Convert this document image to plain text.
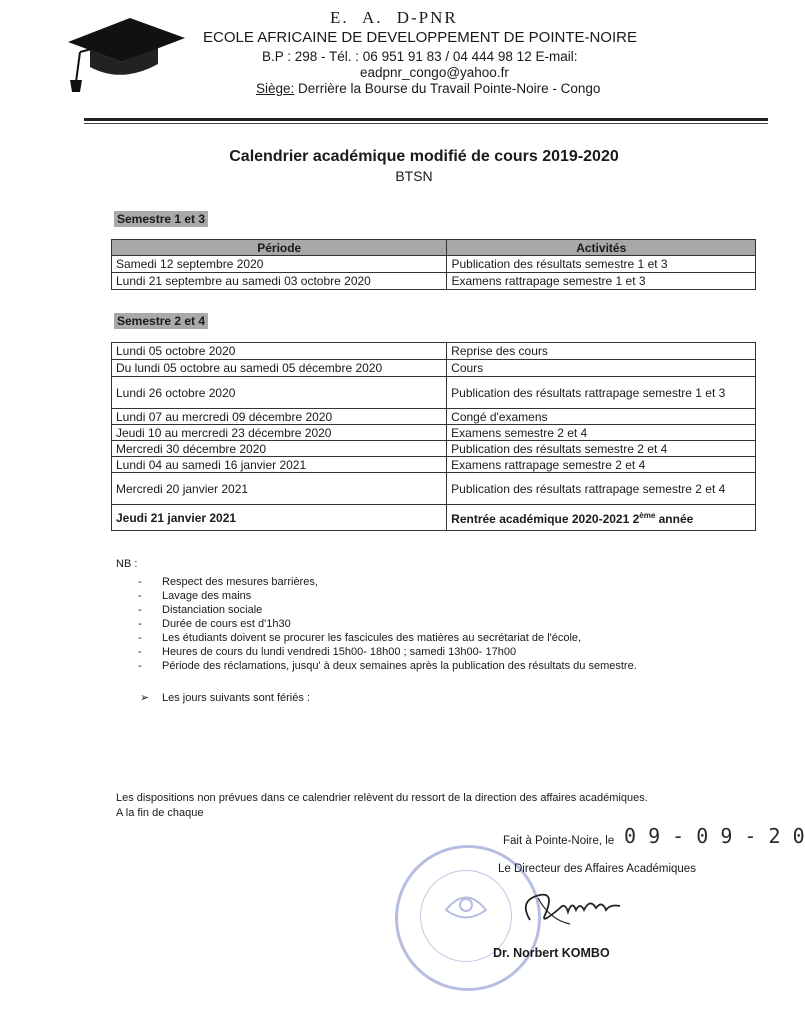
E. A. D-PNR
ECOLE AFRICAINE DE DEVELOPPEMENT DE POINTE-NOIRE
B.P : 298 - Tél. : 06 951 91 83 / 04 444 98 12 E-mail:
eadpnr_congo@yahoo.fr
Siège: Derrière la Bourse du Travail Pointe-Noire - Congo
Calendrier académique modifié de cours 2019-2020
BTSN
Semestre 1 et 3
Période	Activités
Samedi 12 septembre 2020	Publication des résultats semestre 1 et 3
Lundi 21 septembre au samedi 03 octobre 2020	Examens rattrapage semestre 1 et 3
Semestre 2 et 4
Lundi 05 octobre 2020	Reprise des cours
Du lundi 05 octobre au samedi 05 décembre 2020	Cours
Lundi 26 octobre 2020	Publication des résultats rattrapage semestre 1 et 3
Lundi 07 au mercredi 09 décembre 2020	Congé d'examens
Jeudi 10 au mercredi 23 décembre 2020	Examens semestre 2 et 4
Mercredi 30 décembre 2020	Publication des résultats semestre 2 et 4
Lundi 04 au samedi 16 janvier 2021	Examens rattrapage semestre 2 et 4
Mercredi 20 janvier 2021	Publication des résultats rattrapage semestre 2 et 4
Jeudi 21 janvier 2021	Rentrée académique 2020-2021 2ème année
NB :
- Respect des mesures barrières,
- Lavage des mains
- Distanciation sociale
- Durée de cours est d'1h30
- Les étudiants doivent se procurer les fascicules des matières au secrétariat de l'école,
- Heures de cours du lundi vendredi 15h00- 18h00 ; samedi 13h00- 17h00
- Période des réclamations, jusqu' à deux semaines après la publication des résultats du semestre.
➢ Les jours suivants sont fériés :
Les dispositions non prévues dans ce calendrier relèvent du ressort de la direction des affaires académiques.
A la fin de chaque
Fait à Pointe-Noire, le 0 9 - 0 9 - 2 0
Le Directeur des Affaires Académiques
Dr. Norbert KOMBO
